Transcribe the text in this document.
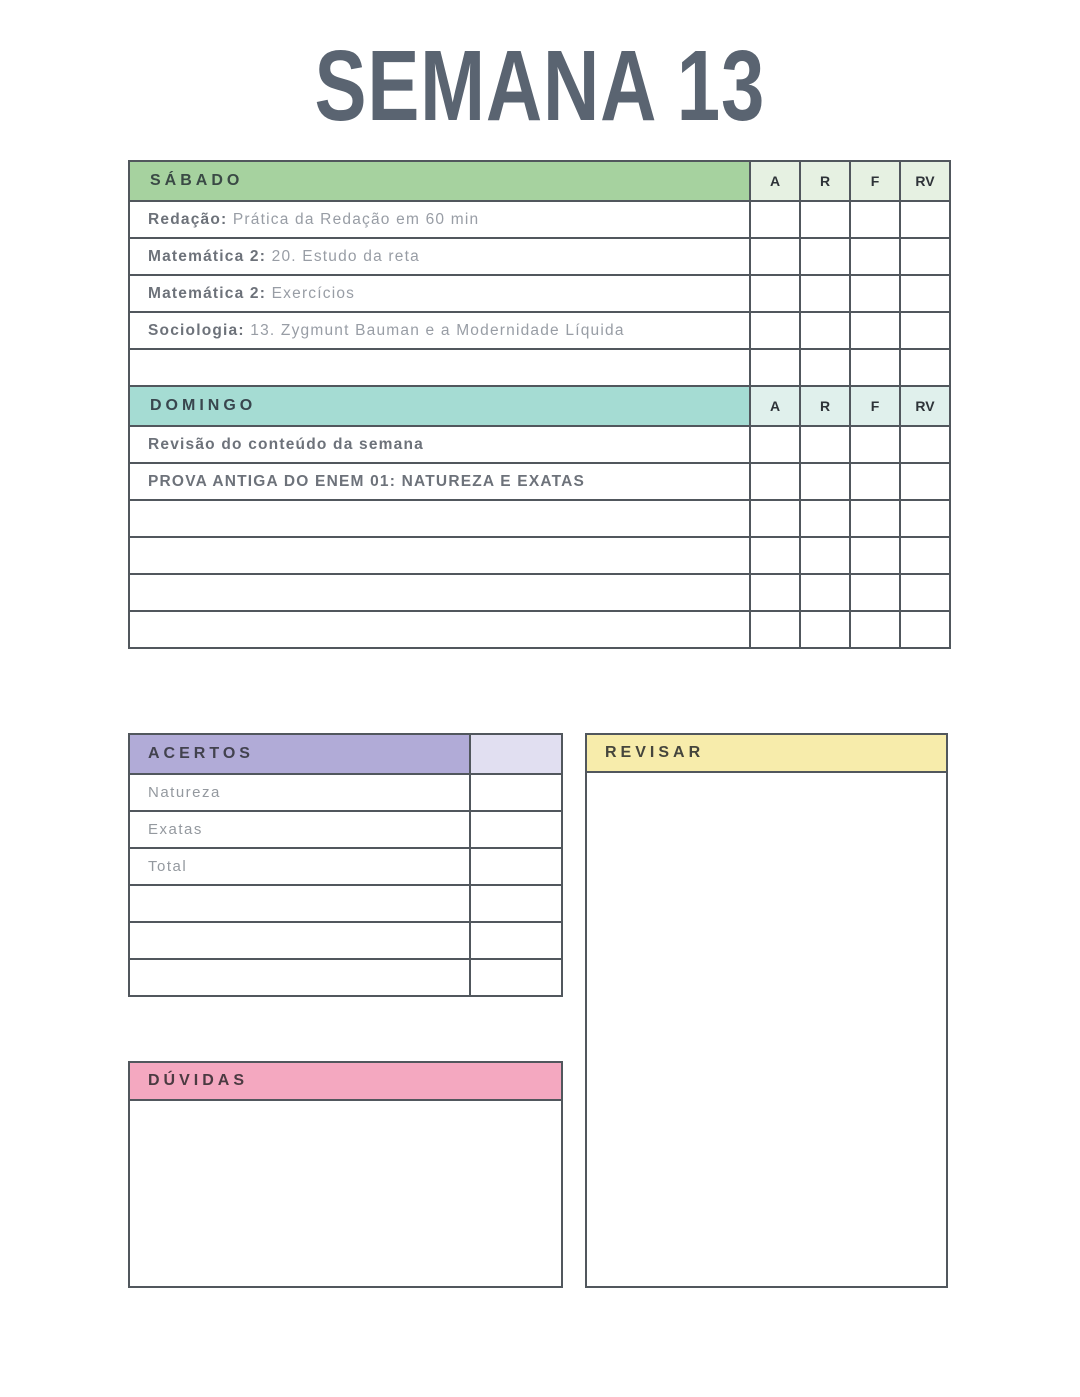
SEMANA 13
SÁBADO	A	R	F	RV
Redação: Prática da Redação em 60 min				
Matemática 2: 20. Estudo da reta				
Matemática 2: Exercícios				
Sociologia: 13. Zygmunt Bauman e a Modernidade Líquida				

DOMINGO	A	R	F	RV
Revisão do conteúdo da semana				
PROVA ANTIGA DO ENEM 01: NATUREZA E EXATAS				

ACERTOS	
Natureza	
Exatas	
Total	

REVISAR
DÚVIDAS
